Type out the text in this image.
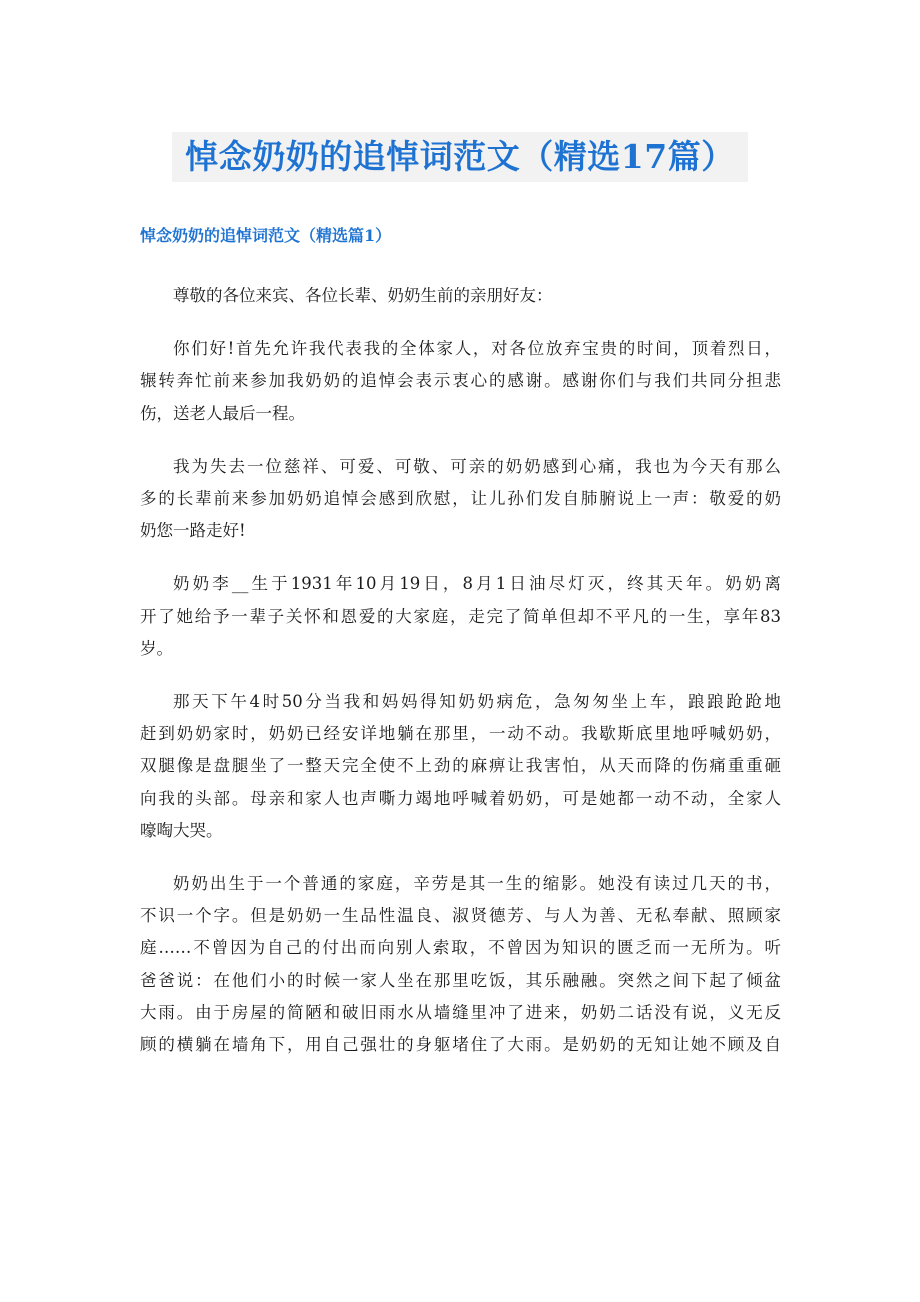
悼念奶奶的追悼词范文（精选17篇）
悼念奶奶的追悼词范文（精选篇1）

尊敬的各位来宾、各位长辈、奶奶生前的亲朋好友：

你们好!首先允许我代表我的全体家人，对各位放弃宝贵的时间，顶着烈日，
辗转奔忙前来参加我奶奶的追悼会表示衷心的感谢。感谢你们与我们共同分担悲
伤，送老人最后一程。

我为失去一位慈祥、可爱、可敬、可亲的奶奶感到心痛，我也为今天有那么
多的长辈前来参加奶奶追悼会感到欣慰，让儿孙们发自肺腑说上一声：敬爱的奶
奶您一路走好!

奶奶李__生于1931年10月19日，8月1日油尽灯灭，终其天年。奶奶离
开了她给予一辈子关怀和恩爱的大家庭，走完了简单但却不平凡的一生，享年83
岁。

那天下午4时50分当我和妈妈得知奶奶病危，急匆匆坐上车，踉踉跄跄地
赶到奶奶家时，奶奶已经安详地躺在那里，一动不动。我歇斯底里地呼喊奶奶，
双腿像是盘腿坐了一整天完全使不上劲的麻痹让我害怕，从天而降的伤痛重重砸
向我的头部。母亲和家人也声嘶力竭地呼喊着奶奶，可是她都一动不动，全家人
嚎啕大哭。

奶奶出生于一个普通的家庭，辛劳是其一生的缩影。她没有读过几天的书，
不识一个字。但是奶奶一生品性温良、淑贤德芳、与人为善、无私奉献、照顾家
庭……不曾因为自己的付出而向别人索取，不曾因为知识的匮乏而一无所为。听
爸爸说：在他们小的时候一家人坐在那里吃饭，其乐融融。突然之间下起了倾盆
大雨。由于房屋的简陋和破旧雨水从墙缝里冲了进来，奶奶二话没有说，义无反
顾的横躺在墙角下，用自己强壮的身躯堵住了大雨。是奶奶的无知让她不顾及自
